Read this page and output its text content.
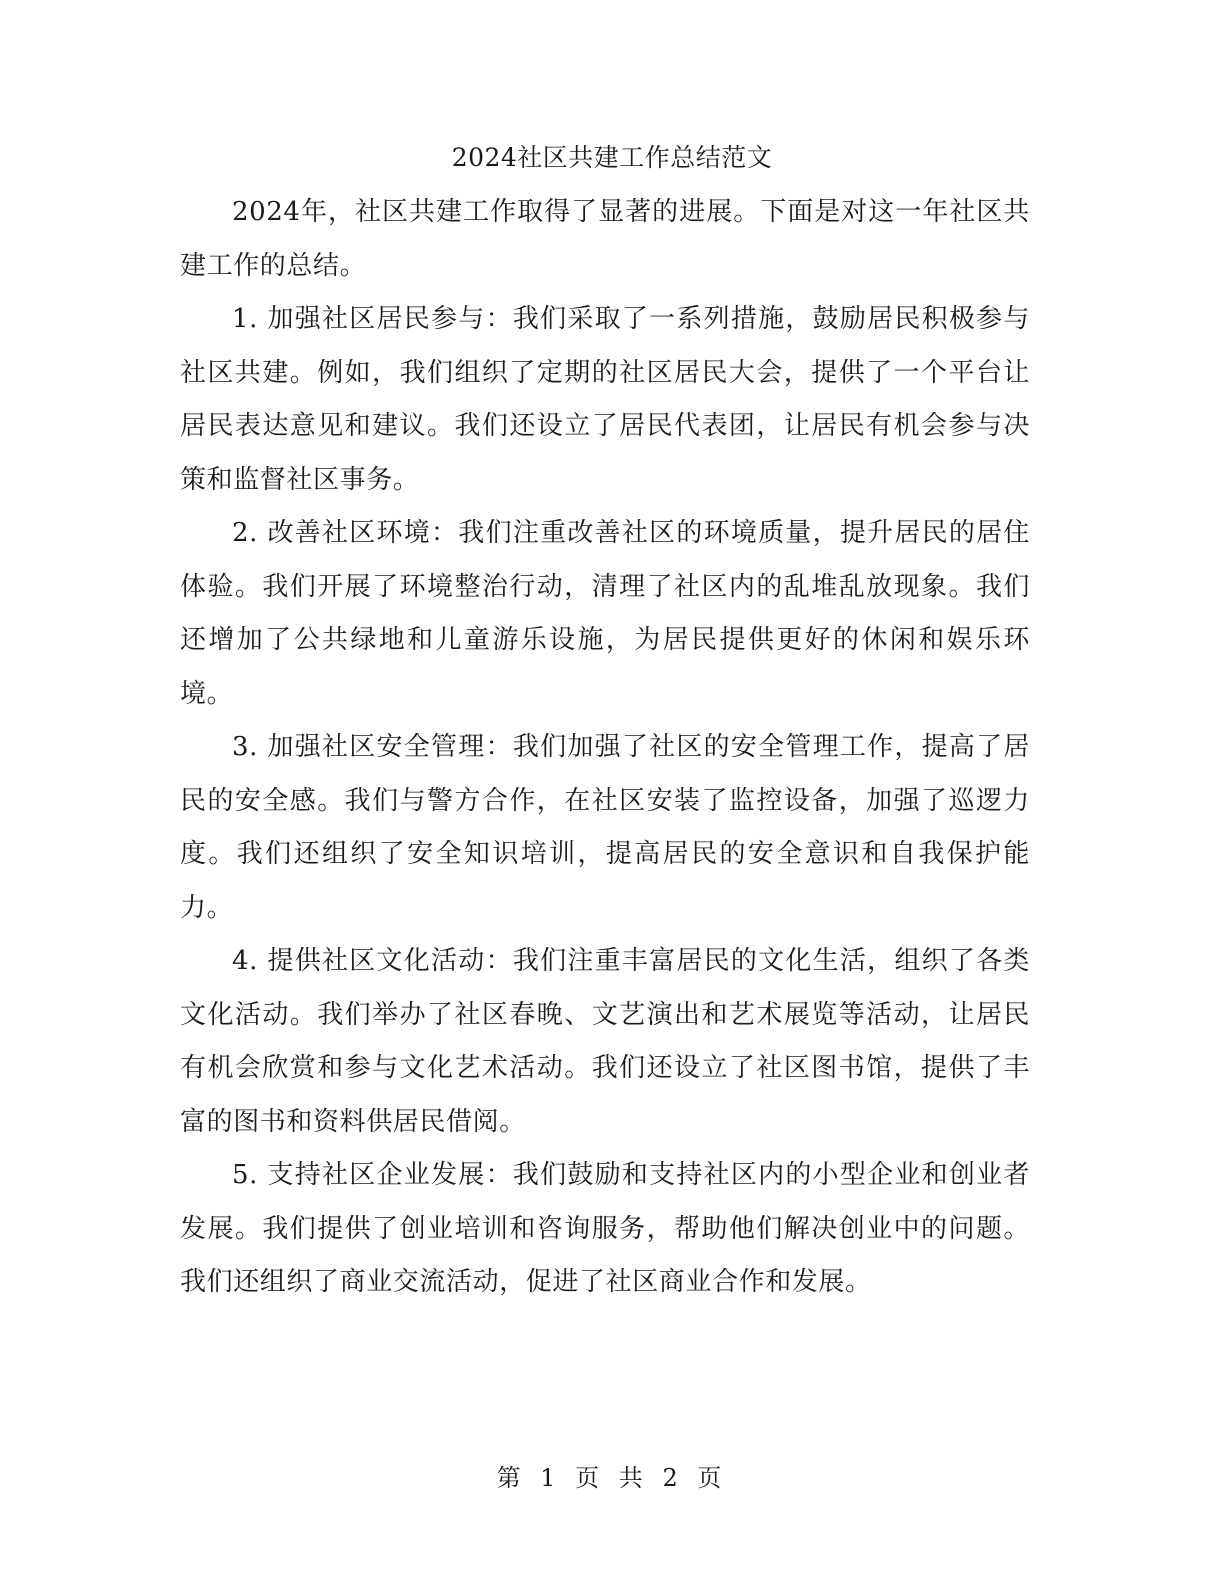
2024社区共建工作总结范文

2024年，社区共建工作取得了显著的进展。下面是对这一年社区共建工作的总结。

1. 加强社区居民参与：我们采取了一系列措施，鼓励居民积极参与社区共建。例如，我们组织了定期的社区居民大会，提供了一个平台让居民表达意见和建议。我们还设立了居民代表团，让居民有机会参与决策和监督社区事务。

2. 改善社区环境：我们注重改善社区的环境质量，提升居民的居住体验。我们开展了环境整治行动，清理了社区内的乱堆乱放现象。我们还增加了公共绿地和儿童游乐设施，为居民提供更好的休闲和娱乐环境。

3. 加强社区安全管理：我们加强了社区的安全管理工作，提高了居民的安全感。我们与警方合作，在社区安装了监控设备，加强了巡逻力度。我们还组织了安全知识培训，提高居民的安全意识和自我保护能力。

4. 提供社区文化活动：我们注重丰富居民的文化生活，组织了各类文化活动。我们举办了社区春晚、文艺演出和艺术展览等活动，让居民有机会欣赏和参与文化艺术活动。我们还设立了社区图书馆，提供了丰富的图书和资料供居民借阅。

5. 支持社区企业发展：我们鼓励和支持社区内的小型企业和创业者发展。我们提供了创业培训和咨询服务，帮助他们解决创业中的问题。我们还组织了商业交流活动，促进了社区商业合作和发展。

第 1 页 共 2 页
